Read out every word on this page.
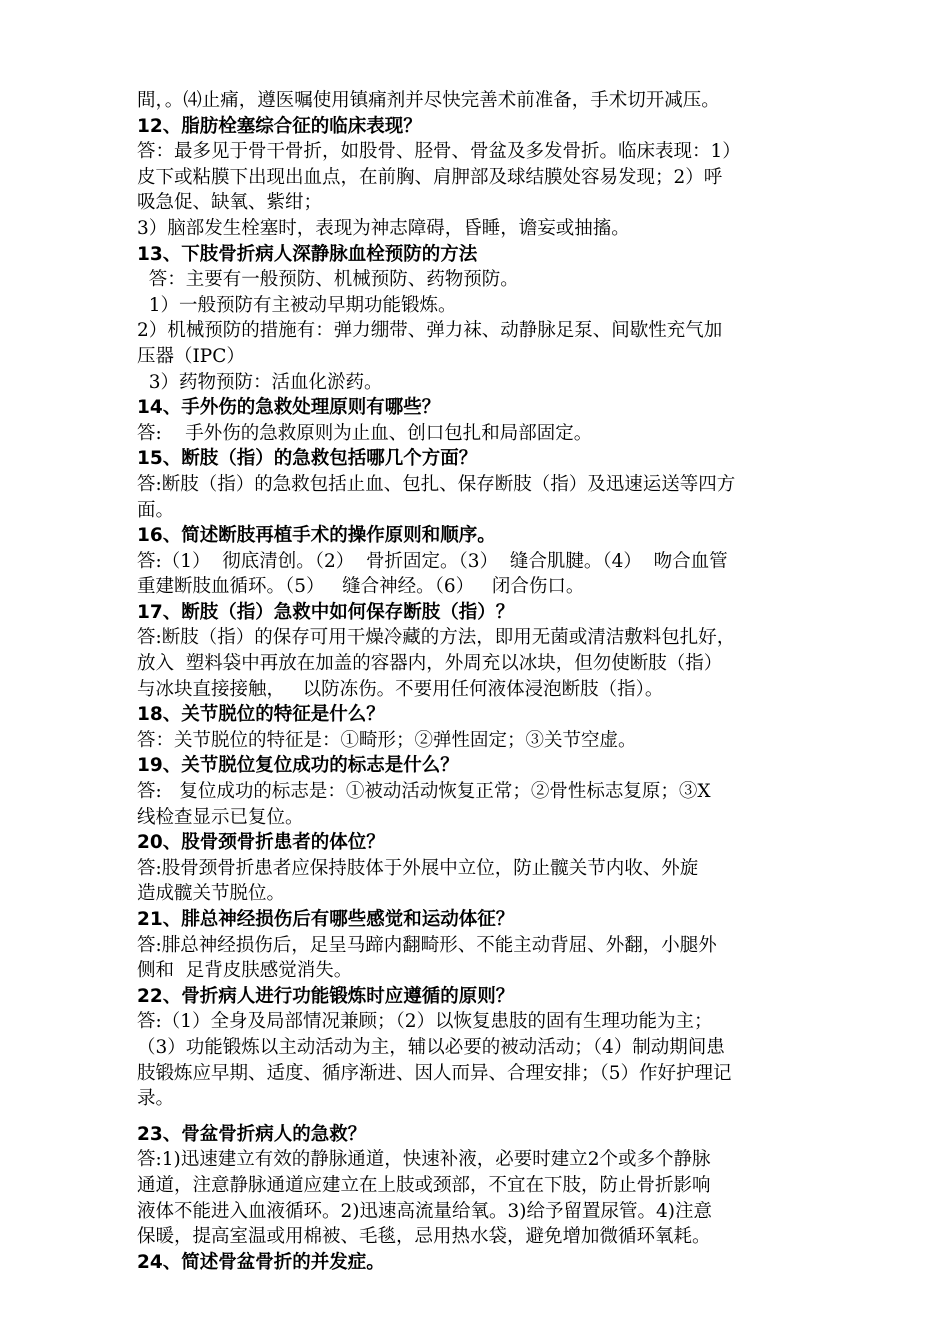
間，。⑷止痛，遵医嘱使用镇痛剂并尽快完善术前准备，手术切开减压。
12、脂肪栓塞综合征的临床表现？
答：最多见于骨干骨折，如股骨、胫骨、骨盆及多发骨折。临床表现：1）
皮下或粘膜下出现出血点，在前胸、肩胛部及球结膜处容易发现；2）呼
吸急促、缺氧、紫绀；
3）脑部发生栓塞时，表现为神志障碍，昏睡，谵妄或抽搐。
13、下肢骨折病人深静脉血栓预防的方法
答：主要有一般预防、机械预防、药物预防。
1）一般预防有主被动早期功能锻炼。
2）机械预防的措施有：弹力绷带、弹力袜、动静脉足泵、间歇性充气加
压器（IPC）
3）药物预防：活血化淤药。
14、手外伤的急救处理原则有哪些？
答:    手外伤的急救原则为止血、创口包扎和局部固定。
15、断肢（指）的急救包括哪几个方面？
答:断肢（指）的急救包括止血、包扎、保存断肢（指）及迅速运送等四方
面。
16、简述断肢再植手术的操作原则和顺序。
答:（1）  彻底清创。（2）  骨折固定。（3）  缝合肌腱。（4）  吻合血管
重建断肢血循环。（5）   缝合神经。（6）   闭合伤口。
17、断肢（指）急救中如何保存断肢（指）？
答:断肢（指）的保存可用干燥冷藏的方法，即用无菌或清洁敷料包扎好，
放入  塑料袋中再放在加盖的容器内，外周充以冰块，但勿使断肢（指）
与冰块直接接触，   以防冻伤。不要用任何液体浸泡断肢（指）。
18、关节脱位的特征是什么？
答：关节脱位的特征是：①畸形；②弹性固定；③关节空虚。
19、关节脱位复位成功的标志是什么？
答:   复位成功的标志是：①被动活动恢复正常；②骨性标志复原；③X
线检查显示已复位。
20、股骨颈骨折患者的体位？
答:股骨颈骨折患者应保持肢体于外展中立位，防止髋关节内收、外旋
造成髋关节脱位。
21、腓总神经损伤后有哪些感觉和运动体征？
答:腓总神经损伤后，足呈马蹄内翻畸形、不能主动背屈、外翻，小腿外
侧和  足背皮肤感觉消失。
22、骨折病人进行功能锻炼时应遵循的原则？
答:（1）全身及局部情况兼顾；（2）以恢复患肢的固有生理功能为主；
（3）功能锻炼以主动活动为主，辅以必要的被动活动；（4）制动期间患
肢锻炼应早期、适度、循序渐进、因人而异、合理安排；（5）作好护理记
录。
23、骨盆骨折病人的急救？
答:1)迅速建立有效的静脉通道，快速补液，必要时建立2个或多个静脉
通道，注意静脉通道应建立在上肢或颈部，不宜在下肢，防止骨折影响
液体不能进入血液循环。2)迅速高流量给氧。3)给予留置尿管。4)注意
保暖，提高室温或用棉被、毛毯，忌用热水袋，避免增加微循环氧耗。
24、简述骨盆骨折的并发症。
